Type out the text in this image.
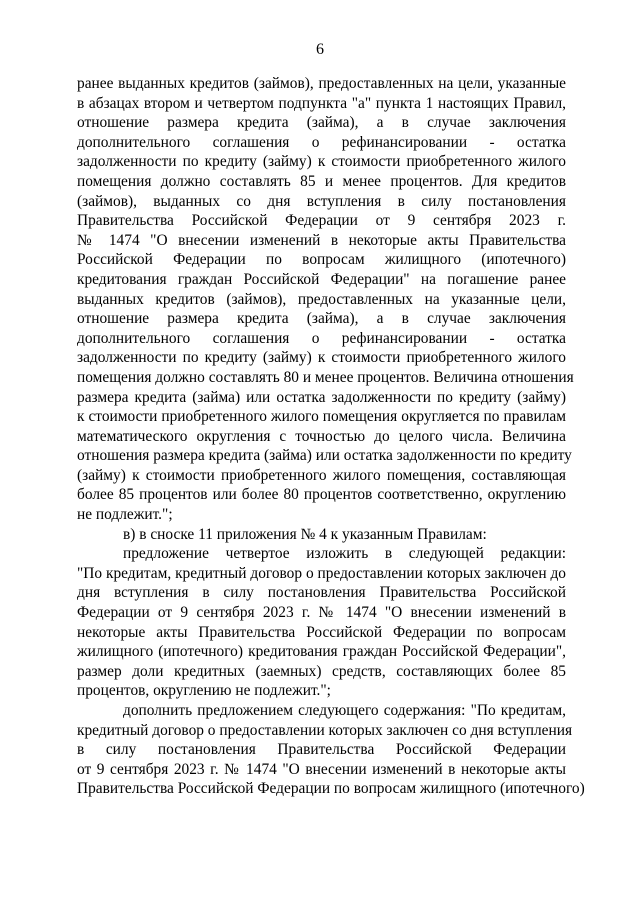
6
ранее выданных кредитов (займов), предоставленных на цели, указанные
в абзацах втором и четвертом подпункта "а" пункта 1 настоящих Правил,
отношение размера кредита (займа), а в случае заключения
дополнительного соглашения о рефинансировании - остатка
задолженности по кредиту (займу) к стоимости приобретенного жилого
помещения должно составлять 85 и менее процентов. Для кредитов
(займов), выданных со дня вступления в силу постановления
Правительства Российской Федерации от 9 сентября 2023 г.
№ 1474 "О внесении изменений в некоторые акты Правительства
Российской Федерации по вопросам жилищного (ипотечного)
кредитования граждан Российской Федерации" на погашение ранее
выданных кредитов (займов), предоставленных на указанные цели,
отношение размера кредита (займа), а в случае заключения
дополнительного соглашения о рефинансировании - остатка
задолженности по кредиту (займу) к стоимости приобретенного жилого
помещения должно составлять 80 и менее процентов. Величина отношения
размера кредита (займа) или остатка задолженности по кредиту (займу)
к стоимости приобретенного жилого помещения округляется по правилам
математического округления с точностью до целого числа. Величина
отношения размера кредита (займа) или остатка задолженности по кредиту
(займу) к стоимости приобретенного жилого помещения, составляющая
более 85 процентов или более 80 процентов соответственно, округлению
не подлежит.";
в) в сноске 11 приложения № 4 к указанным Правилам:
предложение четвертое изложить в следующей редакции:
"По кредитам, кредитный договор о предоставлении которых заключен до
дня вступления в силу постановления Правительства Российской
Федерации от 9 сентября 2023 г. № 1474 "О внесении изменений в
некоторые акты Правительства Российской Федерации по вопросам
жилищного (ипотечного) кредитования граждан Российской Федерации",
размер доли кредитных (заемных) средств, составляющих более 85
процентов, округлению не подлежит.";
дополнить предложением следующего содержания: "По кредитам,
кредитный договор о предоставлении которых заключен со дня вступления
в силу постановления Правительства Российской Федерации
от 9 сентября 2023 г. № 1474 "О внесении изменений в некоторые акты
Правительства Российской Федерации по вопросам жилищного (ипотечного)
